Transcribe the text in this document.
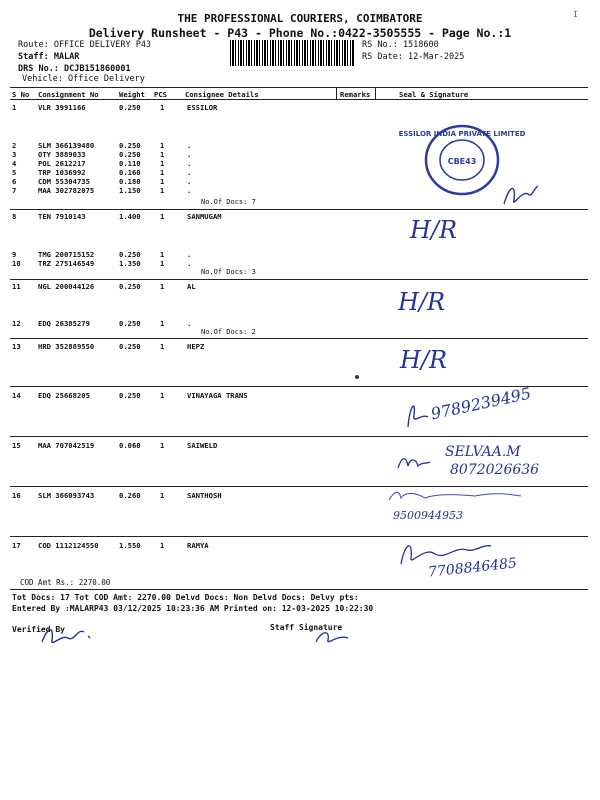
I
THE PROFESSIONAL COURIERS, COIMBATORE
Delivery Runsheet - P43 - Phone No.:0422-3505555 - Page No.:1
Route: OFFICE DELIVERY P43
Staff: MALAR
DRS No.: DCJB151860001
Vehicle: Office Delivery
RS No.: 1518600
RS Date: 12-Mar-2025
S No Consignment No	Weight PCS	Consignee Details	Remarks	Seal & Signature
1	VLR 3991166	0.250	1	ESSILOR
2	SLM 366139480	0.250	1	.
3	OTY 3889033	0.250	1	.
4	POL 2612217	0.110	1	.
5	TRP 1036992	0.160	1	.
6	CDM 55304735	0.180	1	.
7	MAA 302782075	1.150	1	.
No.Of Docs: 7
8	TEN 7910143	1.400	1	SANMUGAM
9	TMG 200715152	0.250	1	.
10 TRZ 275146549	1.350	1	.
No.Of Docs: 3
11 NGL 200044126	0.250	1	AL
12 EDQ 26385279	0.250	1	.
No.Of Docs: 2
13 HRD 352889550	0.250	1	HEPZ
14 EDQ 25668205	0.250	1	VINAYAGA TRANS
15 MAA 707042519	0.060	1	SAIWELD
16 SLM 366093743	0.260	1	SANTHOSH
17 COD 1112124550	1.550	1	RAMYA
COD Amt Rs.: 2270.00
Tot Docs: 17 Tot COD Amt: 2270.00 Delvd Docs: Non Delvd Docs: Delvy pts:
Entered By :MALARP43 03/12/2025 10:23:36 AM Printed on: 12-03-2025 10:22:30
Verified By	Staff Signature
ESSILOR INDIA PRIVATE LIMITED
CBE43
H/R
H/R
H/R
9789239495
SELVAA.M
8072026636
9500944953
7708846485
